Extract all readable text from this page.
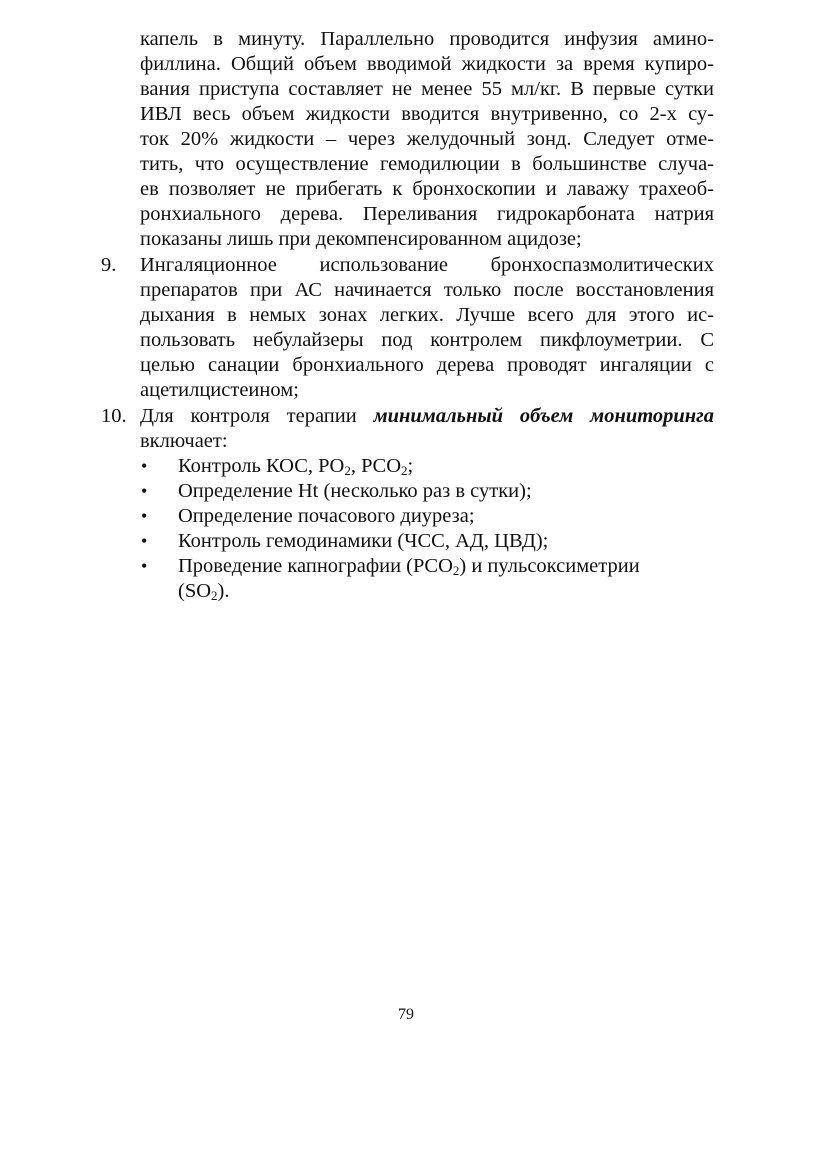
капель в минуту. Параллельно проводится инфузия амино-
филлина. Общий объем вводимой жидкости за время купиро-
вания приступа составляет не менее 55 мл/кг. В первые сутки
ИВЛ весь объем жидкости вводится внутривенно, со 2-х су-
ток 20% жидкости – через желудочный зонд. Следует отме-
тить, что осуществление гемодилюции в большинстве случа-
ев позволяет не прибегать к бронхоскопии и лаважу трахеоб-
ронхиального дерева. Переливания гидрокарбоната натрия
показаны лишь при декомпенсированном ацидозе;
9. Ингаляционное использование бронхоспазмолитических
препаратов при АС начинается только после восстановления
дыхания в немых зонах легких. Лучше всего для этого ис-
пользовать небулайзеры под контролем пикфлоуметрии. С
целью санации бронхиального дерева проводят ингаляции с
ацетилцистеином;
10. Для контроля терапии минимальный объем мониторинга
включает:
• Контроль КОС, $PO_2$, $PCO_2$;
• Определение Ht (несколько раз в сутки);
• Определение почасового диуреза;
• Контроль гемодинамики (ЧСС, АД, ЦВД);
• Проведение капнографии $(PCO_2)$ и пульсоксиметрии
$(SO_2)$.
79
